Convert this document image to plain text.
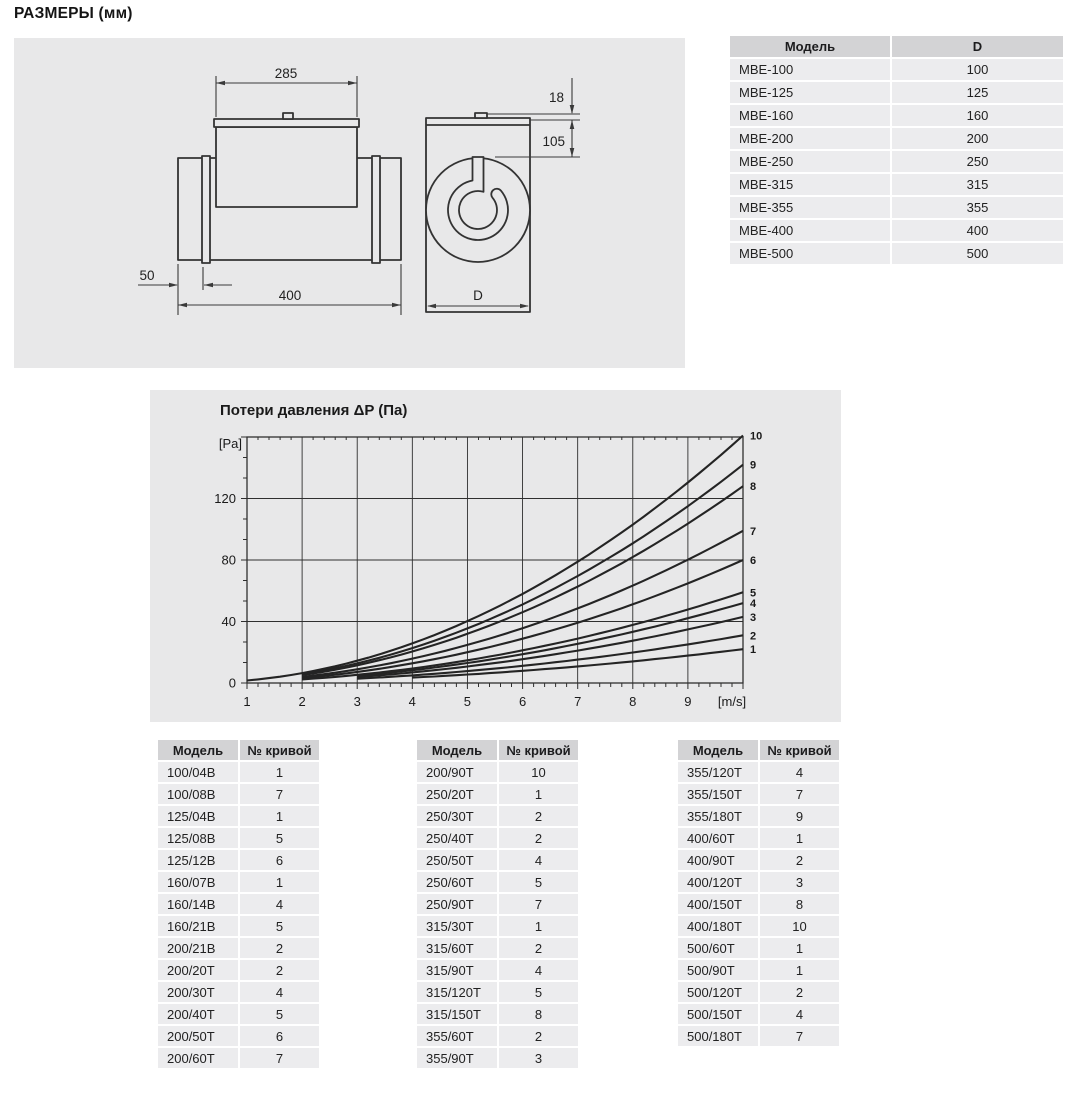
РАЗМЕРЫ (мм)
285
400
50
18
105
D
Модель	D
MBE-100	100
MBE-125	125
MBE-160	160
MBE-200	200
MBE-250	250
MBE-315	315
MBE-355	355
MBE-400	400
MBE-500	500
Потери давления ΔP (Па)
1
2
3
4
5
6
7
8
9
10
0
40
80
120
1	2	3	4	5	6	7	8	9
[Pa]
[m/s]
Модель	№ кривой
100/04B	1
100/08B	7
125/04B	1
125/08B	5
125/12B	6
160/07B	1
160/14B	4
160/21B	5
200/21B	2
200/20T	2
200/30T	4
200/40T	5
200/50T	6
200/60T	7
Модель	№ кривой
200/90T	10
250/20T	1
250/30T	2
250/40T	2
250/50T	4
250/60T	5
250/90T	7
315/30T	1
315/60T	2
315/90T	4
315/120T	5
315/150T	8
355/60T	2
355/90T	3
Модель	№ кривой
355/120T	4
355/150T	7
355/180T	9
400/60T	1
400/90T	2
400/120T	3
400/150T	8
400/180T	10
500/60T	1
500/90T	1
500/120T	2
500/150T	4
500/180T	7
